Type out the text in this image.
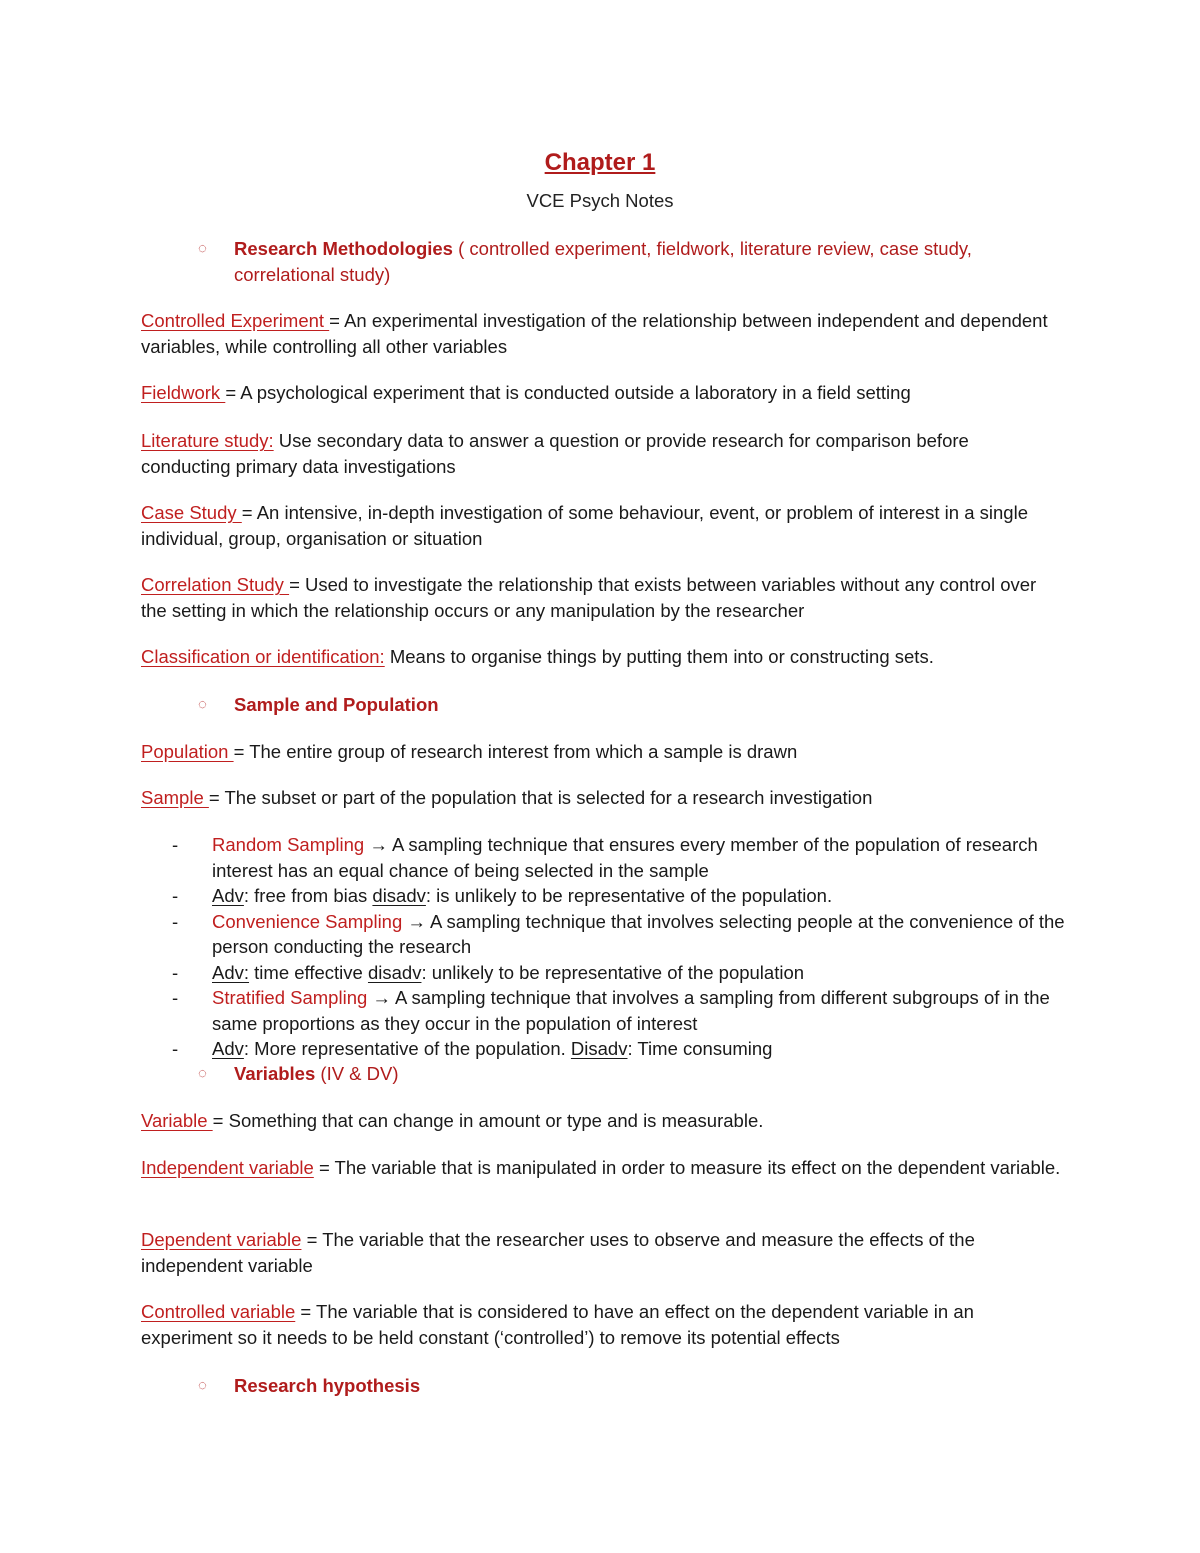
Chapter 1
VCE Psych Notes
◌ Research Methodologies ( controlled experiment, fieldwork, literature review, case study, correlational study)
Controlled Experiment = An experimental investigation of the relationship between independent and dependent variables, while controlling all other variables
Fieldwork = A psychological experiment that is conducted outside a laboratory in a field setting
Literature study: Use secondary data to answer a question or provide research for comparison before conducting primary data investigations
Case Study = An intensive, in-depth investigation of some behaviour, event, or problem of interest in a single individual, group, organisation or situation
Correlation Study = Used to investigate the relationship that exists between variables without any control over the setting in which the relationship occurs or any manipulation by the researcher
Classification or identification: Means to organise things by putting them into or constructing sets.
◌ Sample and Population
Population = The entire group of research interest from which a sample is drawn
Sample = The subset or part of the population that is selected for a research investigation
- Random Sampling → A sampling technique that ensures every member of the population of research interest has an equal chance of being selected in the sample
- Adv: free from bias disadv: is unlikely to be representative of the population.
- Convenience Sampling → A sampling technique that involves selecting people at the convenience of the person conducting the research
- Adv: time effective disadv: unlikely to be representative of the population
- Stratified Sampling → A sampling technique that involves a sampling from different subgroups of in the same proportions as they occur in the population of interest
- Adv: More representative of the population. Disadv: Time consuming
◌ Variables (IV & DV)
Variable = Something that can change in amount or type and is measurable.
Independent variable = The variable that is manipulated in order to measure its effect on the dependent variable.
Dependent variable = The variable that the researcher uses to observe and measure the effects of the independent variable
Controlled variable = The variable that is considered to have an effect on the dependent variable in an experiment so it needs to be held constant (‘controlled’) to remove its potential effects
◌ Research hypothesis
